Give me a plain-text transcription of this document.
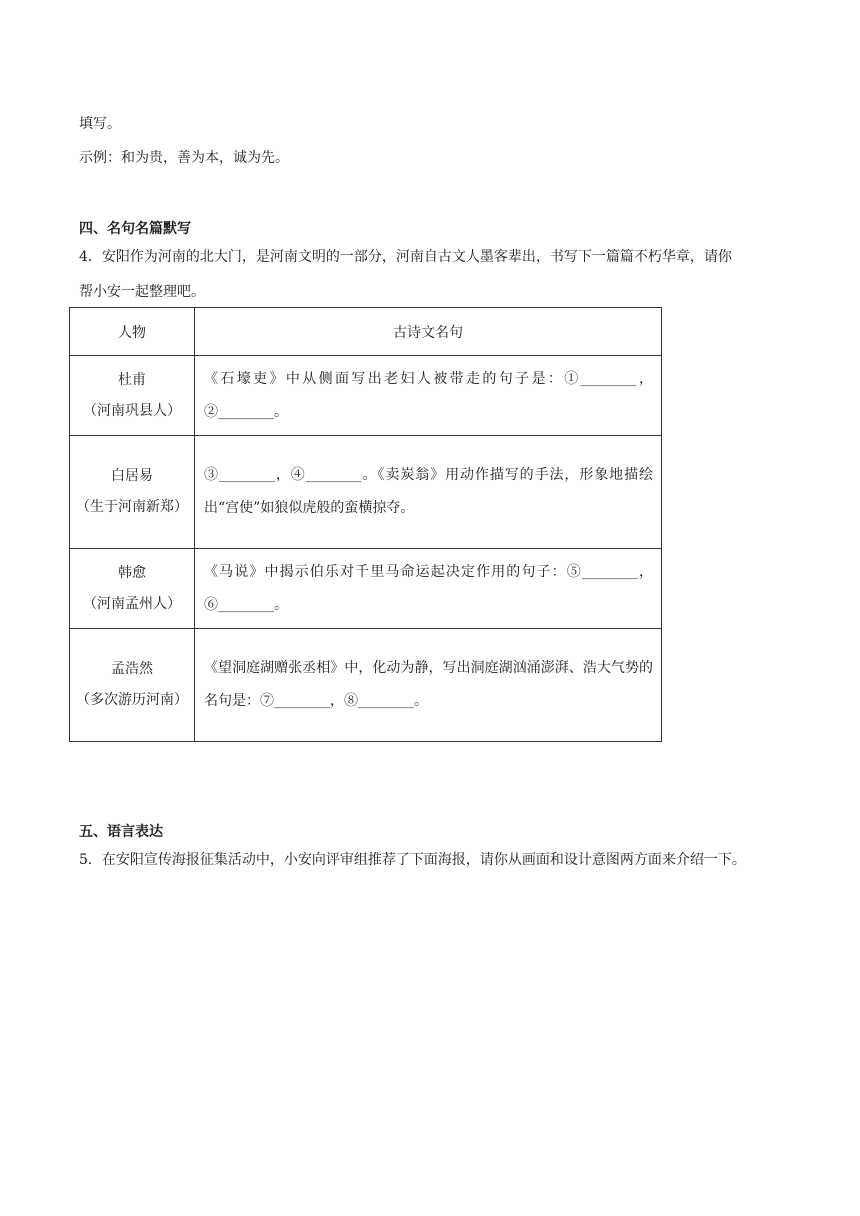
填写。
示例：和为贵，善为本，诚为先。
四、名句名篇默写
4．安阳作为河南的北大门，是河南文明的一部分，河南自古文人墨客辈出，书写下一篇篇不朽华章，请你
帮小安一起整理吧。
人物	古诗文名句

杜甫
（河南巩县人）	《石壕吏》中从侧面写出老妇人被带走的句子是：①________，②________。

白居易
（生于河南新郑）	③________，④________。《卖炭翁》用动作描写的手法，形象地描绘出“宫使”如狼似虎般的蛮横掠夺。

韩愈
（河南孟州人）	《马说》中揭示伯乐对千里马命运起决定作用的句子：⑤________，⑥________。

孟浩然
（多次游历河南）	《望洞庭湖赠张丞相》中，化动为静，写出洞庭湖汹涌澎湃、浩大气势的名句是：⑦________，⑧________。
五、语言表达
5．在安阳宣传海报征集活动中，小安向评审组推荐了下面海报，请你从画面和设计意图两方面来介绍一下。
